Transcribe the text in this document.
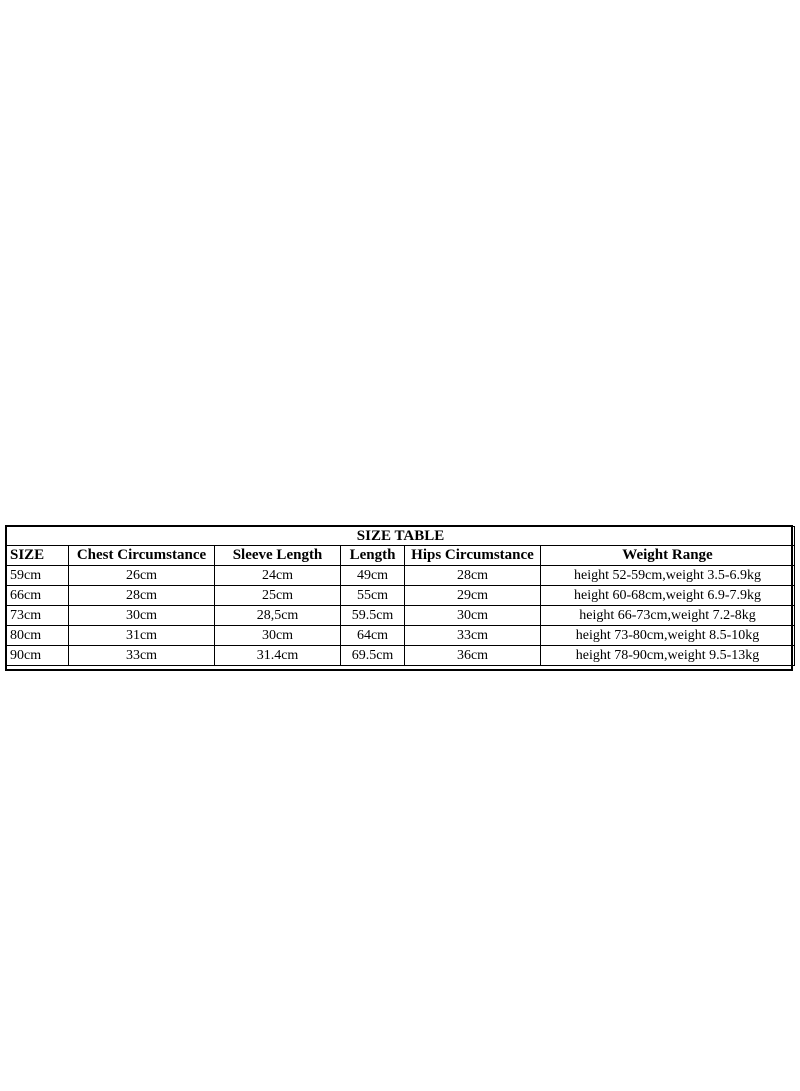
SIZE TABLE					
SIZE	Chest Circumstance	Sleeve Length	Length	Hips Circumstance	Weight Range
59cm	26cm	24cm	49cm	28cm	height 52-59cm,weight 3.5-6.9kg
66cm	28cm	25cm	55cm	29cm	height 60-68cm,weight 6.9-7.9kg
73cm	30cm	28,5cm	59.5cm	30cm	height 66-73cm,weight 7.2-8kg
80cm	31cm	30cm	64cm	33cm	height 73-80cm,weight 8.5-10kg
90cm	33cm	31.4cm	69.5cm	36cm	height 78-90cm,weight 9.5-13kg
